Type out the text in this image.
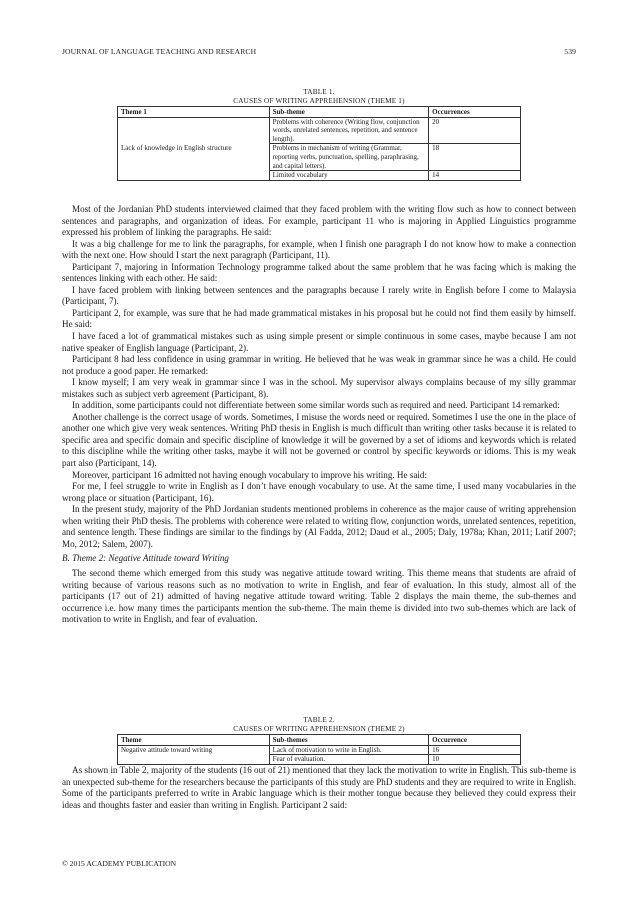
JOURNAL OF LANGUAGE TEACHING AND RESEARCH	539
TABLE 1.
CAUSES OF WRITING APPREHENSION (THEME 1)
Theme 1	Sub-theme	Occurrences
Lack of knowledge in English structure	Problems with coherence (Writing flow, conjunction words, unrelated sentences, repetition, and sentence length).	20
	Problems in mechanism of writing (Grammar, reporting verbs, punctuation, spelling, paraphrasing, and capital letters).	18
	Limited vocabulary	14

Most of the Jordanian PhD students interviewed claimed that they faced problem with the writing flow such as how to connect between sentences and paragraphs, and organization of ideas. For example, participant 11 who is majoring in Applied Linguistics programme expressed his problem of linking the paragraphs. He said:

It was a big challenge for me to link the paragraphs, for example, when I finish one paragraph I do not know how to make a connection with the next one. How should I start the next paragraph (Participant, 11).

Participant 7, majoring in Information Technology programme talked about the same problem that he was facing which is making the sentences linking with each other. He said:

I have faced problem with linking between sentences and the paragraphs because I rarely write in English before I come to Malaysia (Participant, 7).

Participant 2, for example, was sure that he had made grammatical mistakes in his proposal but he could not find them easily by himself. He said:

I have faced a lot of grammatical mistakes such as using simple present or simple continuous in some cases, maybe because I am not native speaker of English language (Participant, 2).

Participant 8 had less confidence in using grammar in writing. He believed that he was weak in grammar since he was a child. He could not produce a good paper. He remarked:

I know myself; I am very weak in grammar since I was in the school. My supervisor always complains because of my silly grammar mistakes such as subject verb agreement (Participant, 8).

In addition, some participants could not differentiate between some similar words such as required and need. Participant 14 remarked:

Another challenge is the correct usage of words. Sometimes, I misuse the words need or required. Sometimes I use the one in the place of another one which give very weak sentences. Writing PhD thesis in English is much difficult than writing other tasks because it is related to specific area and specific domain and specific discipline of knowledge it will be governed by a set of idioms and keywords which is related to this discipline while the writing other tasks, maybe it will not be governed or control by specific keywords or idioms. This is my weak part also (Participant, 14).

Moreover, participant 16 admitted not having enough vocabulary to improve his writing. He said:

For me, I feel struggle to write in English as I don’t have enough vocabulary to use. At the same time, I used many vocabularies in the wrong place or situation (Participant, 16).

In the present study, majority of the PhD Jordanian students mentioned problems in coherence as the major cause of writing apprehension when writing their PhD thesis. The problems with coherence were related to writing flow, conjunction words, unrelated sentences, repetition, and sentence length. These findings are similar to the findings by (Al Fadda, 2012; Daud et al., 2005; Daly, 1978a; Khan, 2011; Latif 2007; Mo, 2012; Salem, 2007).

B. Theme 2: Negative Attitude toward Writing

The second theme which emerged from this study was negative attitude toward writing. This theme means that students are afraid of writing because of various reasons such as no motivation to write in English, and fear of evaluation. In this study, almost all of the participants (17 out of 21) admitted of having negative attitude toward writing. Table 2 displays the main theme, the sub-themes and occurrence i.e. how many times the participants mention the sub-theme. The main theme is divided into two sub-themes which are lack of motivation to write in English, and fear of evaluation.

TABLE 2.
CAUSES OF WRITING APPREHENSION (THEME 2)
Theme	Sub-themes	Occurrence
Negative attitude toward writing	Lack of motivation to write in English.	16
	Fear of evaluation.	10

As shown in Table 2, majority of the students (16 out of 21) mentioned that they lack the motivation to write in English. This sub-theme is an unexpected sub-theme for the researchers because the participants of this study are PhD students and they are required to write in English. Some of the participants preferred to write in Arabic language which is their mother tongue because they believed they could express their ideas and thoughts faster and easier than writing in English. Participant 2 said:

© 2015 ACADEMY PUBLICATION
